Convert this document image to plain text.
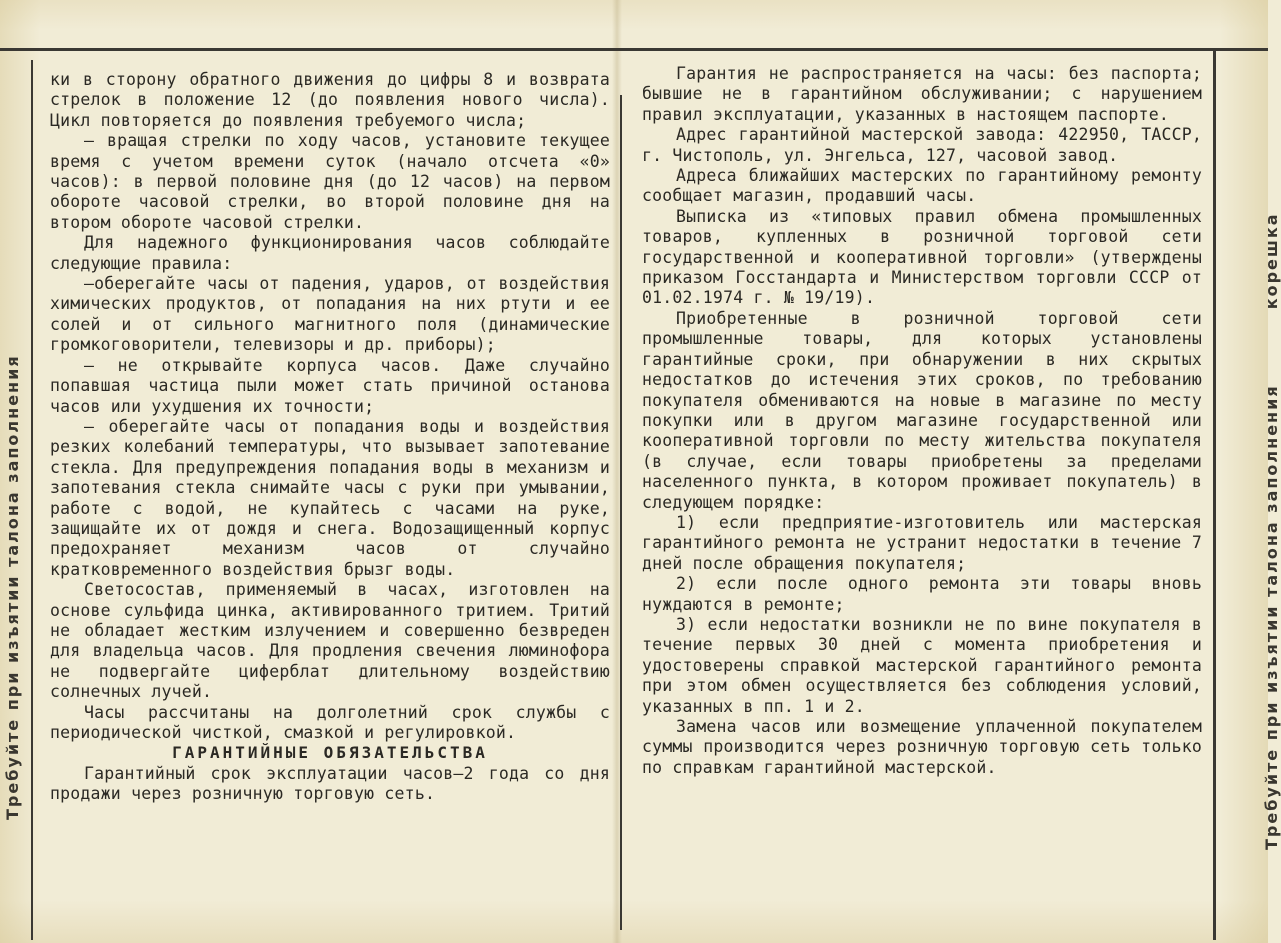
Требуйте при изъятии талона заполнения	Требуйте при изъятии талона заполнения  корешка

ки в сторону обратного движения до цифры 8 и возврата стрелок в положение 12 (до появления нового числа). Цикл повторяется до появления требуемого числа;

— вращая стрелки по ходу часов, установите текущее время с учетом времени суток (начало отсчета «0» часов): в первой половине дня (до 12 часов) на первом обороте часовой стрелки, во второй половине дня на втором обороте часовой стрелки.

Для надежного функционирования часов соблюдайте следующие правила:

—оберегайте часы от падения, ударов, от воздействия химических продуктов, от попадания на них ртути и ее солей и от сильного магнитного поля (динамические громкоговорители, телевизоры и др. приборы);

— не открывайте корпуса часов. Даже случайно попавшая частица пыли может стать причиной останова часов или ухудшения их точности;

— оберегайте часы от попадания воды и воздействия резких колебаний температуры, что вызывает запотевание стекла. Для предупреждения попадания воды в механизм и запотевания стекла снимайте часы с руки при умывании, работе с водой, не купайтесь с часами на руке, защищайте их от дождя и снега. Водозащищенный корпус предохраняет механизм часов от случайно кратковременного воздействия брызг воды.

Светосостав, применяемый в часах, изготовлен на основе сульфида цинка, активированного тритием. Тритий не обладает жестким излучением и совершенно безвреден для владельца часов. Для продления свечения люминофора не подвергайте циферблат длительному воздействию солнечных лучей.

Часы рассчитаны на долголетний срок службы с периодической чисткой, смазкой и регулировкой.

ГАРАНТИЙНЫЕ ОБЯЗАТЕЛЬСТВА

Гарантийный срок эксплуатации часов—2 года со дня продажи через розничную торговую сеть.

Гарантия не распространяется на часы: без паспорта; бывшие не в гарантийном обслуживании; с нарушением правил эксплуатации, указанных в настоящем паспорте.

Адрес гарантийной мастерской завода: 422950, ТАССР, г. Чистополь, ул. Энгельса, 127, часовой завод.

Адреса ближайших мастерских по гарантийному ремонту сообщает магазин, продавший часы.

Выписка из «типовых правил обмена промышленных товаров, купленных в розничной торговой сети государственной и кооперативной торговли» (утверждены приказом Госстандарта и Министерством торговли СССР от 01.02.1974 г. № 19/19).

Приобретенные в розничной торговой сети промышленные товары, для которых установлены гарантийные сроки, при обнаружении в них скрытых недостатков до истечения этих сроков, по требованию покупателя обмениваются на новые в магазине по месту покупки или в другом магазине государственной или кооперативной торговли по месту жительства покупателя (в случае, если товары приобретены за пределами населенного пункта, в котором проживает покупатель) в следующем порядке:

1) если предприятие-изготовитель или мастерская гарантийного ремонта не устранит недостатки в течение 7 дней после обращения покупателя;

2) если после одного ремонта эти товары вновь нуждаются в ремонте;

3) если недостатки возникли не по вине покупателя в течение первых 30 дней с момента приобретения и удостоверены справкой мастерской гарантийного ремонта при этом обмен осуществляется без соблюдения условий, указанных в пп. 1 и 2.

Замена часов или возмещение уплаченной покупателем суммы производится через розничную торговую сеть только по справкам гарантийной мастерской.
